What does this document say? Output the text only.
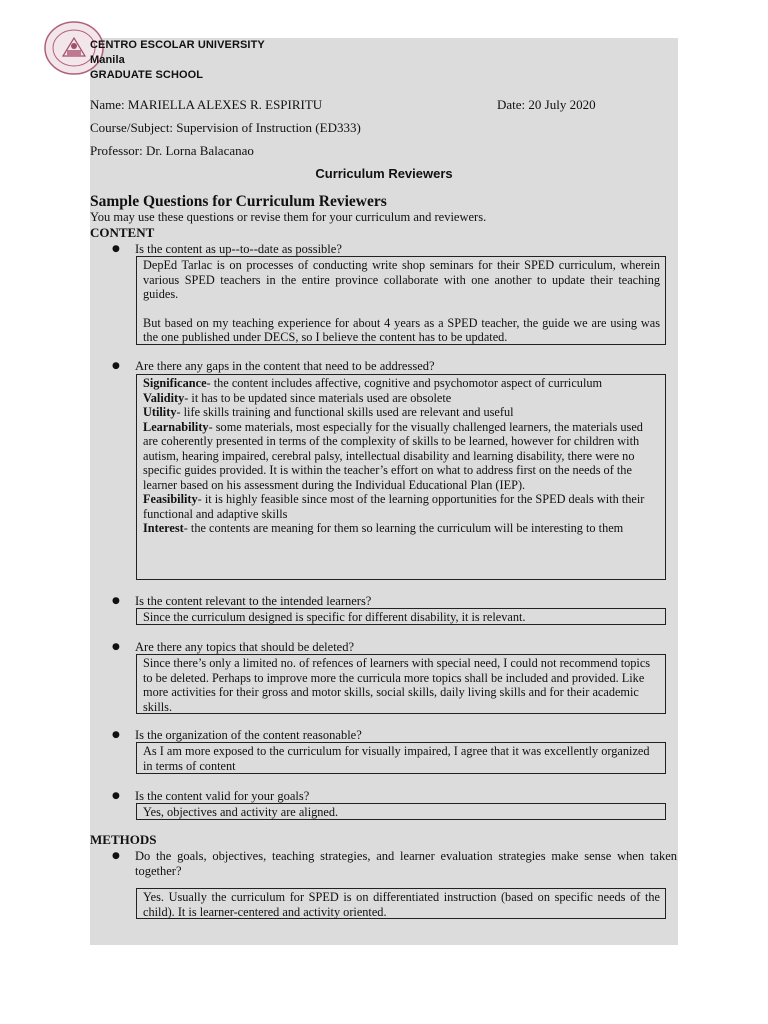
CENTRO ESCOLAR UNIVERSITY
Manila
GRADUATE SCHOOL
Name: MARIELLA ALEXES R. ESPIRITU	Date: 20 July 2020
Course/Subject: Supervision of Instruction (ED333)
Professor: Dr. Lorna Balacanao
Curriculum Reviewers
Sample Questions for Curriculum Reviewers
You may use these questions or revise them for your curriculum and reviewers.
CONTENT
● Is the content as up--to--date as possible?

DepEd Tarlac is on processes of conducting write shop seminars for their SPED curriculum, wherein various SPED teachers in the entire province collaborate with one another to update their teaching guides.

But based on my teaching experience for about 4 years as a SPED teacher, the guide we are using was the one published under DECS, so I believe the content has to be updated.

● Are there any gaps in the content that need to be addressed?

Significance- the content includes affective, cognitive and psychomotor aspect of curriculum

Validity- it has to be updated since materials used are obsolete

Utility- life skills training and functional skills used are relevant and useful

Learnability- some materials, most especially for the visually challenged learners, the materials used are coherently presented in terms of the complexity of skills to be learned, however for children with autism, hearing impaired, cerebral palsy, intellectual disability and learning disability, there were no specific guides provided. It is within the teacher’s effort on what to address first on the needs of the learner based on his assessment during the Individual Educational Plan (IEP).

Feasibility- it is highly feasible since most of the learning opportunities for the SPED deals with their functional and adaptive skills

Interest- the contents are meaning for them so learning the curriculum will be interesting to them

● Is the content relevant to the intended learners?

Since the curriculum designed is specific for different disability, it is relevant.

● Are there any topics that should be deleted?

Since there’s only a limited no. of refences of learners with special need, I could not recommend topics to be deleted. Perhaps to improve more the curricula more topics shall be included and provided. Like more activities for their gross and motor skills, social skills, daily living skills and for their academic skills.

● Is the organization of the content reasonable?

As I am more exposed to the curriculum for visually impaired, I agree that it was excellently organized in terms of content

● Is the content valid for your goals?

Yes, objectives and activity are aligned.

METHODS
● Do the goals, objectives, teaching strategies, and learner evaluation strategies make sense when taken together?

Yes. Usually the curriculum for SPED is on differentiated instruction (based on specific needs of the child). It is learner-centered and activity oriented.
